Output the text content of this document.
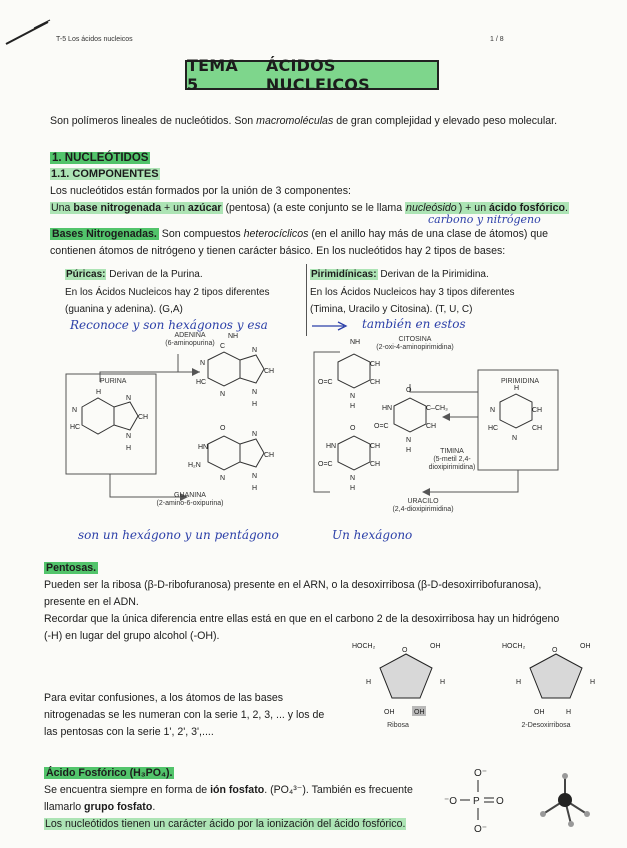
T-5 Los ácidos nucleicos	1 / 8
TEMA 5
ÁCIDOS NUCLEICOS
Son polímeros lineales de nucleótidos. Son macromoléculas de gran complejidad y elevado peso molecular.
1. NUCLEÓTIDOS
1.1. COMPONENTES
Los nucleótidos están formados por la unión de 3 componentes:
Una base nitrogenada + un azúcar (pentosa) (a este conjunto se le llama nucleósido ) + un ácido fosfórico.
carbono y nitrógeno
Bases Nitrogenadas. Son compuestos heterocíclicos (en el anillo hay más de una clase de átomos) que
contienen átomos de nitrógeno y tienen carácter básico. En los nucleótidos hay 2 tipos de bases:
Púricas: Derivan de la Purina.
En los Ácidos Nucleicos hay 2 tipos diferentes
(guanina y adenina). (G,A)
Pirimidínicas: Derivan de la Pirimidina.
En los Ácidos Nucleicos hay 3 tipos diferentes
(Timina, Uracilo y Citosina). (T, U, C)
Reconoce y son hexágonos y esa	también en estos
H
N
HC
CH
N
N
H
N
HC
CH
N
N
H
N
C
NH
O
HN
H₂N
CH
N
N
H
N
PURINA
ADENINA
(6-aminopurina)
GUANINA
(2-amino-6-oxipurina)
H
N
HC
CH
CH
N
NH
O=C
CH
CH
N
H
O
HN
O=C
C–CH₃
CH
N
H
O
HN
O=C
CH
CH
N
H
PIRIMIDINA
CITOSINA
(2-oxi-4-aminopirimidina)
TIMINA
(5-metil 2,4-dioxipirimidina)
URACILO
(2,4-dioxipirimidina)
son un hexágono y un pentágono	Un hexágono
Pentosas.
Pueden ser la ribosa (β-D-ribofuranosa) presente en el ARN, o la desoxirribosa (β-D-desoxirribofuranosa),
presente en el ADN.
Recordar que la única diferencia entre ellas está en que en el carbono 2 de la desoxirribosa hay un hidrógeno
(-H) en lugar del grupo alcohol (-OH).
Para evitar confusiones, a los átomos de las bases
nitrogenadas se les numeran con la serie 1, 2, 3, ... y los de
las pentosas con la serie 1', 2', 3',....
HOCH₂
O
OH
H	H
OH	OH
HOCH₂
O
OH
H	H
OH	H
Ribosa	2-Desoxirribosa
Ácido Fosfórico (H₃PO₄).
Se encuentra siempre en forma de ión fosfato. (PO₄³⁻). También es frecuente
llamarlo grupo fosfato.
Los nucleótidos tienen un carácter ácido por la ionización del ácido fosfórico.
O⁻
⁻O P O
O⁻
